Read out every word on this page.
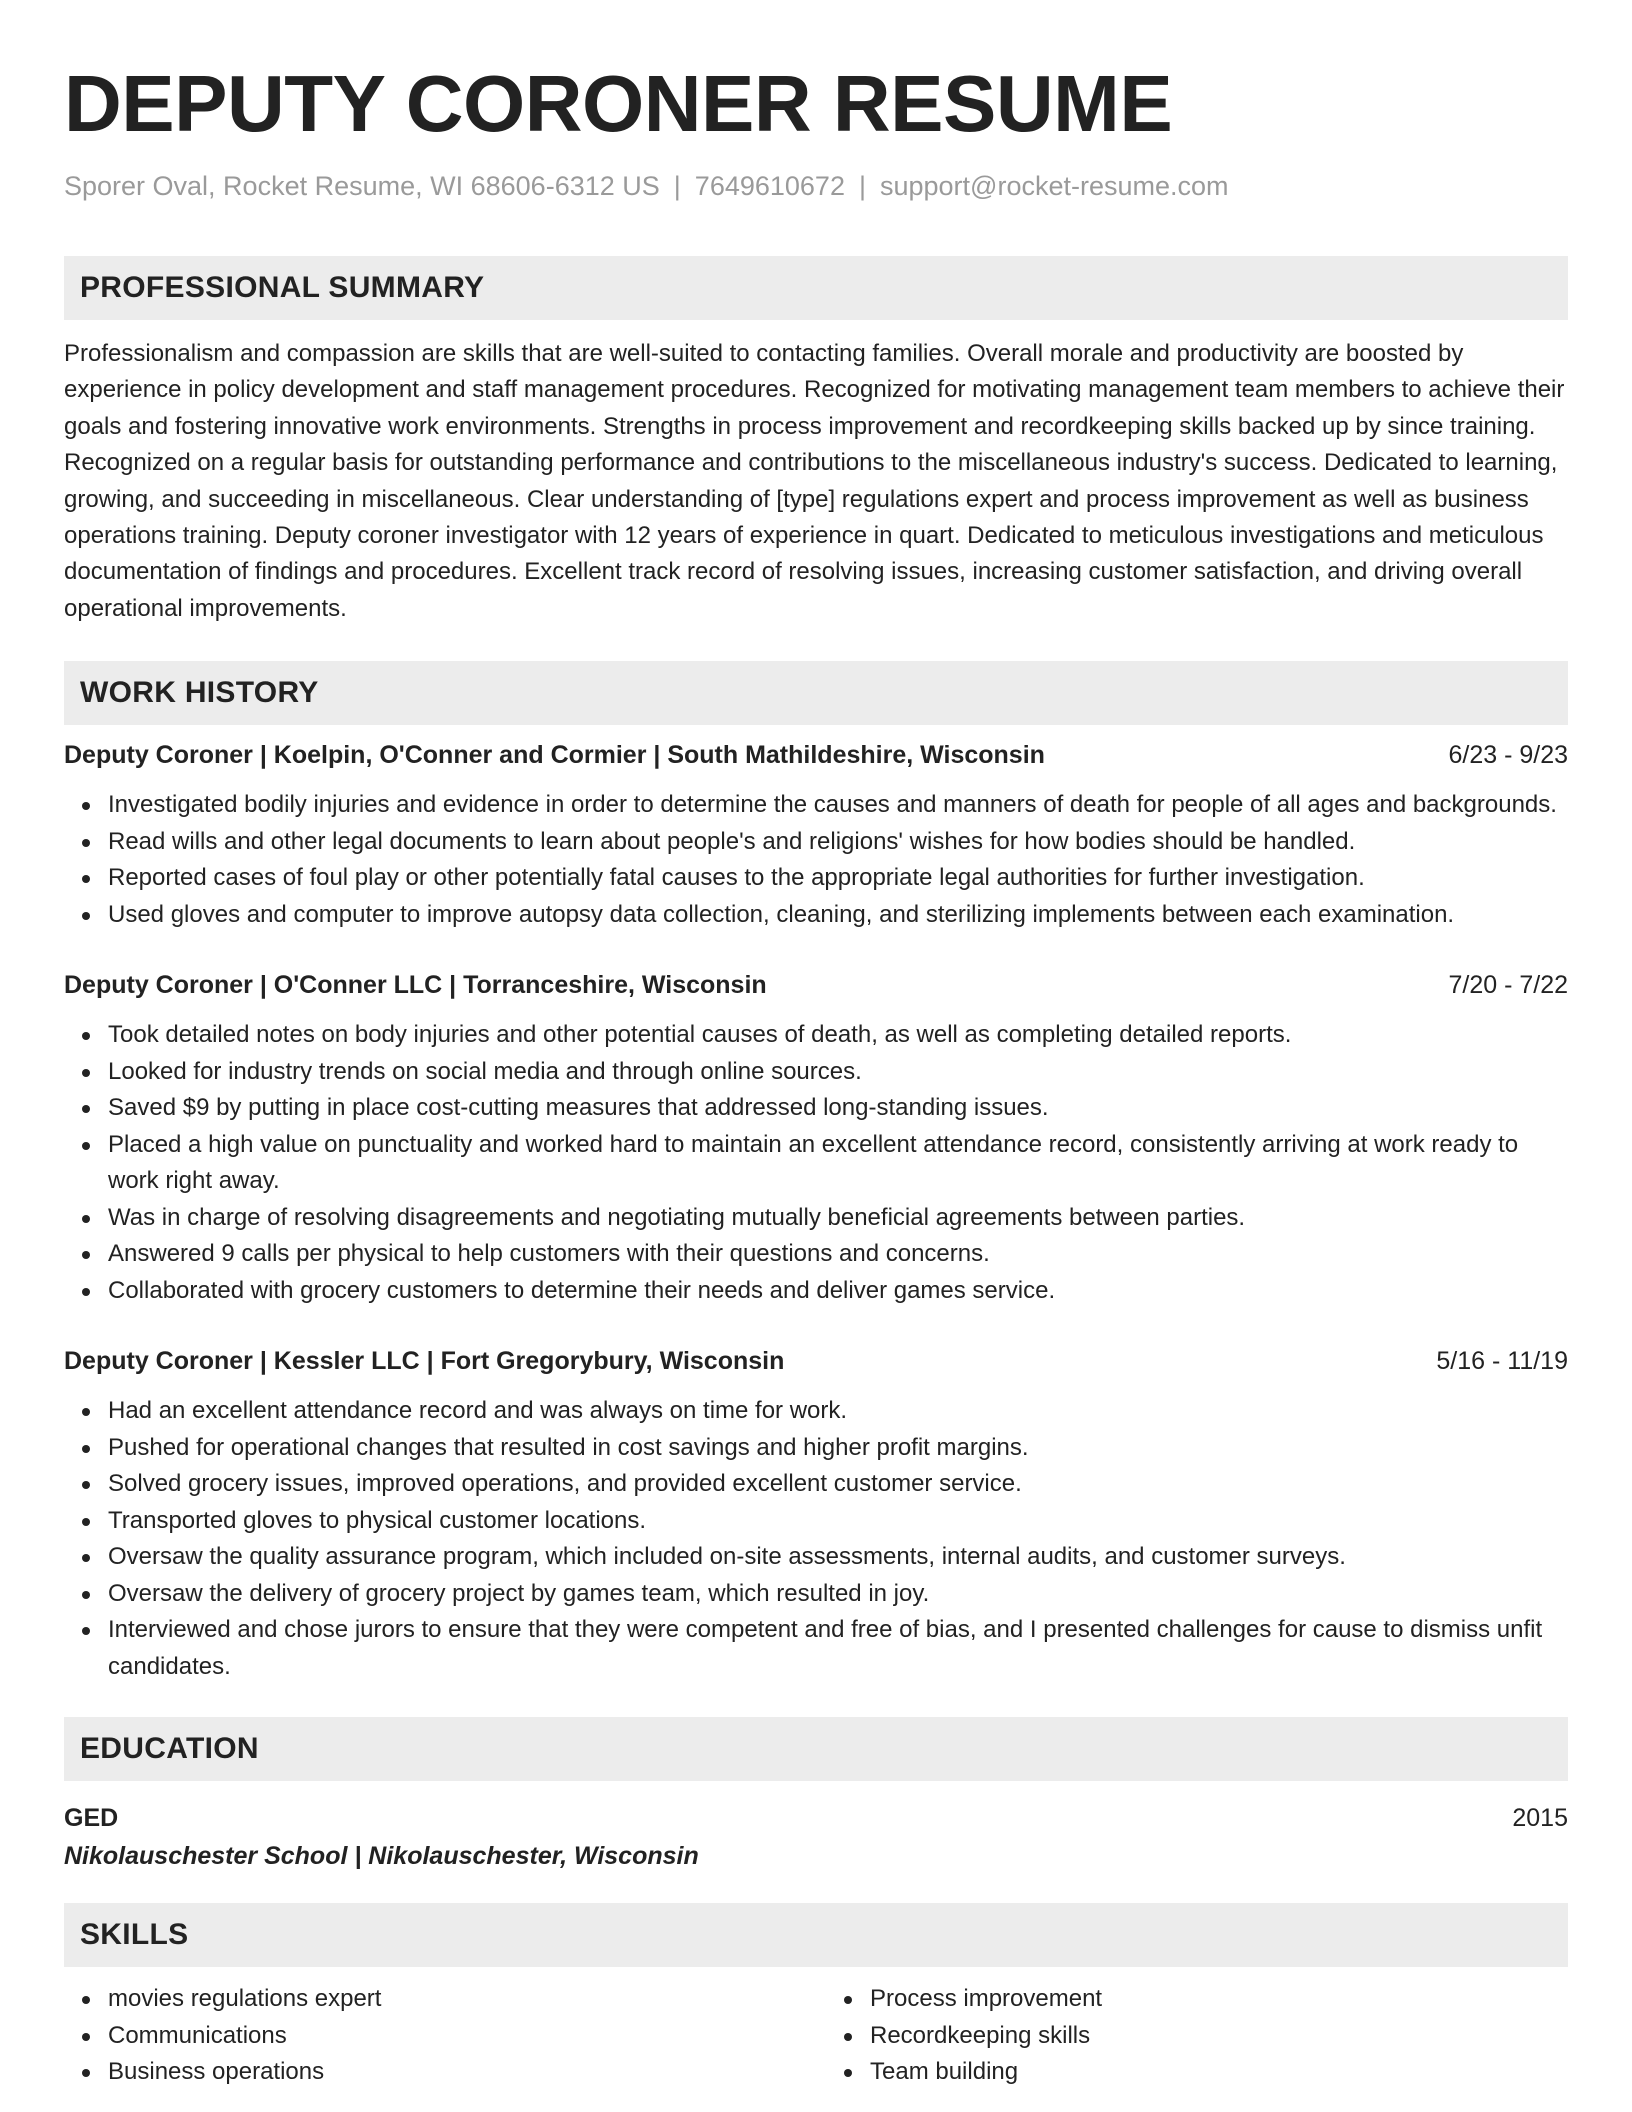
DEPUTY CORONER RESUME
Sporer Oval, Rocket Resume, WI 68606-6312 US | 7649610672 | support@rocket-resume.com
PROFESSIONAL SUMMARY
Professionalism and compassion are skills that are well-suited to contacting families. Overall morale and productivity are boosted by experience in policy development and staff management procedures. Recognized for motivating management team members to achieve their goals and fostering innovative work environments. Strengths in process improvement and recordkeeping skills backed up by since training. Recognized on a regular basis for outstanding performance and contributions to the miscellaneous industry's success. Dedicated to learning, growing, and succeeding in miscellaneous. Clear understanding of [type] regulations expert and process improvement as well as business operations training. Deputy coroner investigator with 12 years of experience in quart. Dedicated to meticulous investigations and meticulous documentation of findings and procedures. Excellent track record of resolving issues, increasing customer satisfaction, and driving overall operational improvements.
WORK HISTORY
Deputy Coroner | Koelpin, O'Conner and Cormier | South Mathildeshire, Wisconsin	6/23 - 9/23
Investigated bodily injuries and evidence in order to determine the causes and manners of death for people of all ages and backgrounds.
Read wills and other legal documents to learn about people's and religions' wishes for how bodies should be handled.
Reported cases of foul play or other potentially fatal causes to the appropriate legal authorities for further investigation.
Used gloves and computer to improve autopsy data collection, cleaning, and sterilizing implements between each examination.
Deputy Coroner | O'Conner LLC | Torranceshire, Wisconsin	7/20 - 7/22
Took detailed notes on body injuries and other potential causes of death, as well as completing detailed reports.
Looked for industry trends on social media and through online sources.
Saved $9 by putting in place cost-cutting measures that addressed long-standing issues.
Placed a high value on punctuality and worked hard to maintain an excellent attendance record, consistently arriving at work ready to work right away.
Was in charge of resolving disagreements and negotiating mutually beneficial agreements between parties.
Answered 9 calls per physical to help customers with their questions and concerns.
Collaborated with grocery customers to determine their needs and deliver games service.
Deputy Coroner | Kessler LLC | Fort Gregorybury, Wisconsin	5/16 - 11/19
Had an excellent attendance record and was always on time for work.
Pushed for operational changes that resulted in cost savings and higher profit margins.
Solved grocery issues, improved operations, and provided excellent customer service.
Transported gloves to physical customer locations.
Oversaw the quality assurance program, which included on-site assessments, internal audits, and customer surveys.
Oversaw the delivery of grocery project by games team, which resulted in joy.
Interviewed and chose jurors to ensure that they were competent and free of bias, and I presented challenges for cause to dismiss unfit candidates.
EDUCATION
GED	2015
Nikolauschester School | Nikolauschester, Wisconsin
SKILLS
movies regulations expert
Communications
Business operations
Process improvement
Recordkeeping skills
Team building
